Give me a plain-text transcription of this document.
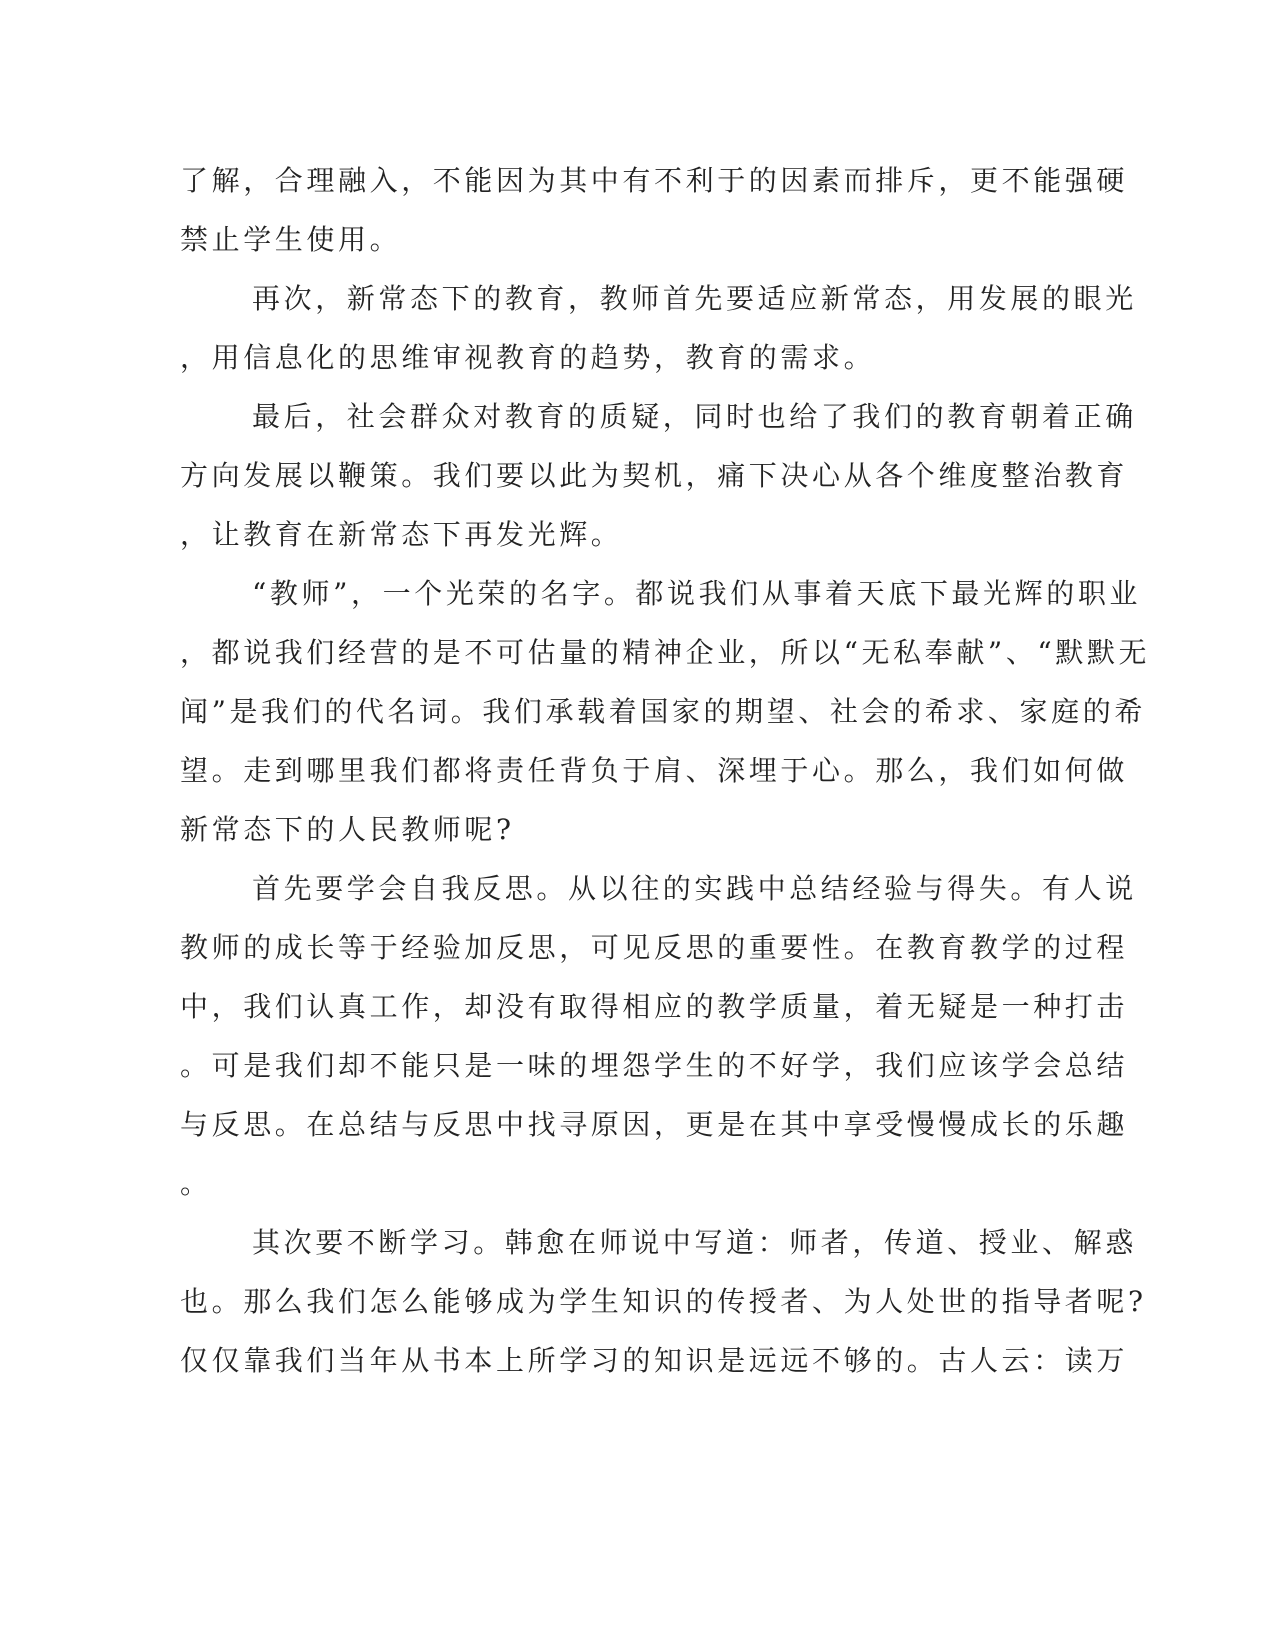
了解，合理融入，不能因为其中有不利于的因素而排斥，更不能强硬
禁止学生使用。
再次，新常态下的教育，教师首先要适应新常态，用发展的眼光
，用信息化的思维审视教育的趋势，教育的需求。
最后，社会群众对教育的质疑，同时也给了我们的教育朝着正确
方向发展以鞭策。我们要以此为契机，痛下决心从各个维度整治教育
，让教育在新常态下再发光辉。
“教师”，一个光荣的名字。都说我们从事着天底下最光辉的职业
，都说我们经营的是不可估量的精神企业，所以“无私奉献”、“默默无
闻”是我们的代名词。我们承载着国家的期望、社会的希求、家庭的希
望。走到哪里我们都将责任背负于肩、深埋于心。那么，我们如何做
新常态下的人民教师呢?
首先要学会自我反思。从以往的实践中总结经验与得失。有人说
教师的成长等于经验加反思，可见反思的重要性。在教育教学的过程
中，我们认真工作，却没有取得相应的教学质量，着无疑是一种打击
。可是我们却不能只是一味的埋怨学生的不好学，我们应该学会总结
与反思。在总结与反思中找寻原因，更是在其中享受慢慢成长的乐趣
。
其次要不断学习。韩愈在师说中写道：师者，传道、授业、解惑
也。那么我们怎么能够成为学生知识的传授者、为人处世的指导者呢?
仅仅靠我们当年从书本上所学习的知识是远远不够的。古人云：读万
